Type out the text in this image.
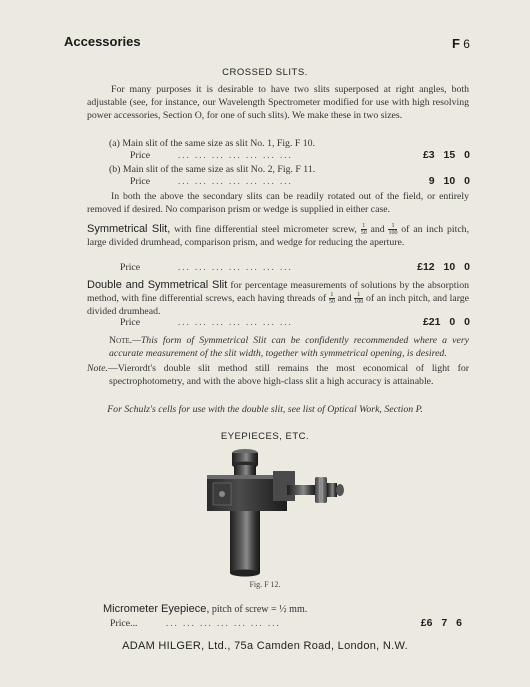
Accessories	F 6
CROSSED SLITS.
For many purposes it is desirable to have two slits superposed at right angles, both adjustable (see, for instance, our Wavelength Spectrometer modified for use with high resolving power accessories, Section O, for one of such slits). We make these in two sizes.
(a) Main slit of the same size as slit No. 1, Fig. F 10.
Price	... ... ... ... ... ... ...	£3 15 0
(b) Main slit of the same size as slit No. 2, Fig. F 11.
Price	... ... ... ... ... ... ...	9 10 0
In both the above the secondary slits can be readily rotated out of the field, or entirely removed if desired. No comparison prism or wedge is supplied in either case.
Symmetrical Slit, with fine differential steel micrometer screw, $\frac{1}{50}$ and $\frac{1}{100}$ of an inch pitch, large divided drumhead, comparison prism, and wedge for reducing the aperture.
Price	... ... ... ... ... ... ...	£12 10 0
Double and Symmetrical Slit for percentage measurements of solutions by the absorption method, with fine differential screws, each having threads of $\frac{1}{50}$ and $\frac{1}{100}$ of an inch pitch, and large divided drumhead.
Price	... ... ... ... ... ... ...	£21 0 0
Note.—This form of Symmetrical Slit can be confidently recommended where a very accurate measurement of the slit width, together with symmetrical opening, is desired.
Note.—Vierordt's double slit method still remains the most economical of light for spectrophotometry, and with the above high-class slit a high accuracy is attainable.
For Schulz's cells for use with the double slit, see list of Optical Work, Section P.
EYEPIECES, ETC.
Fig. F 12.
Micrometer Eyepiece, pitch of screw = ½ mm.
Price...	... ... ... ... ... ... ...	£6 7 6
ADAM HILGER, Ltd., 75a Camden Road, London, N.W.
